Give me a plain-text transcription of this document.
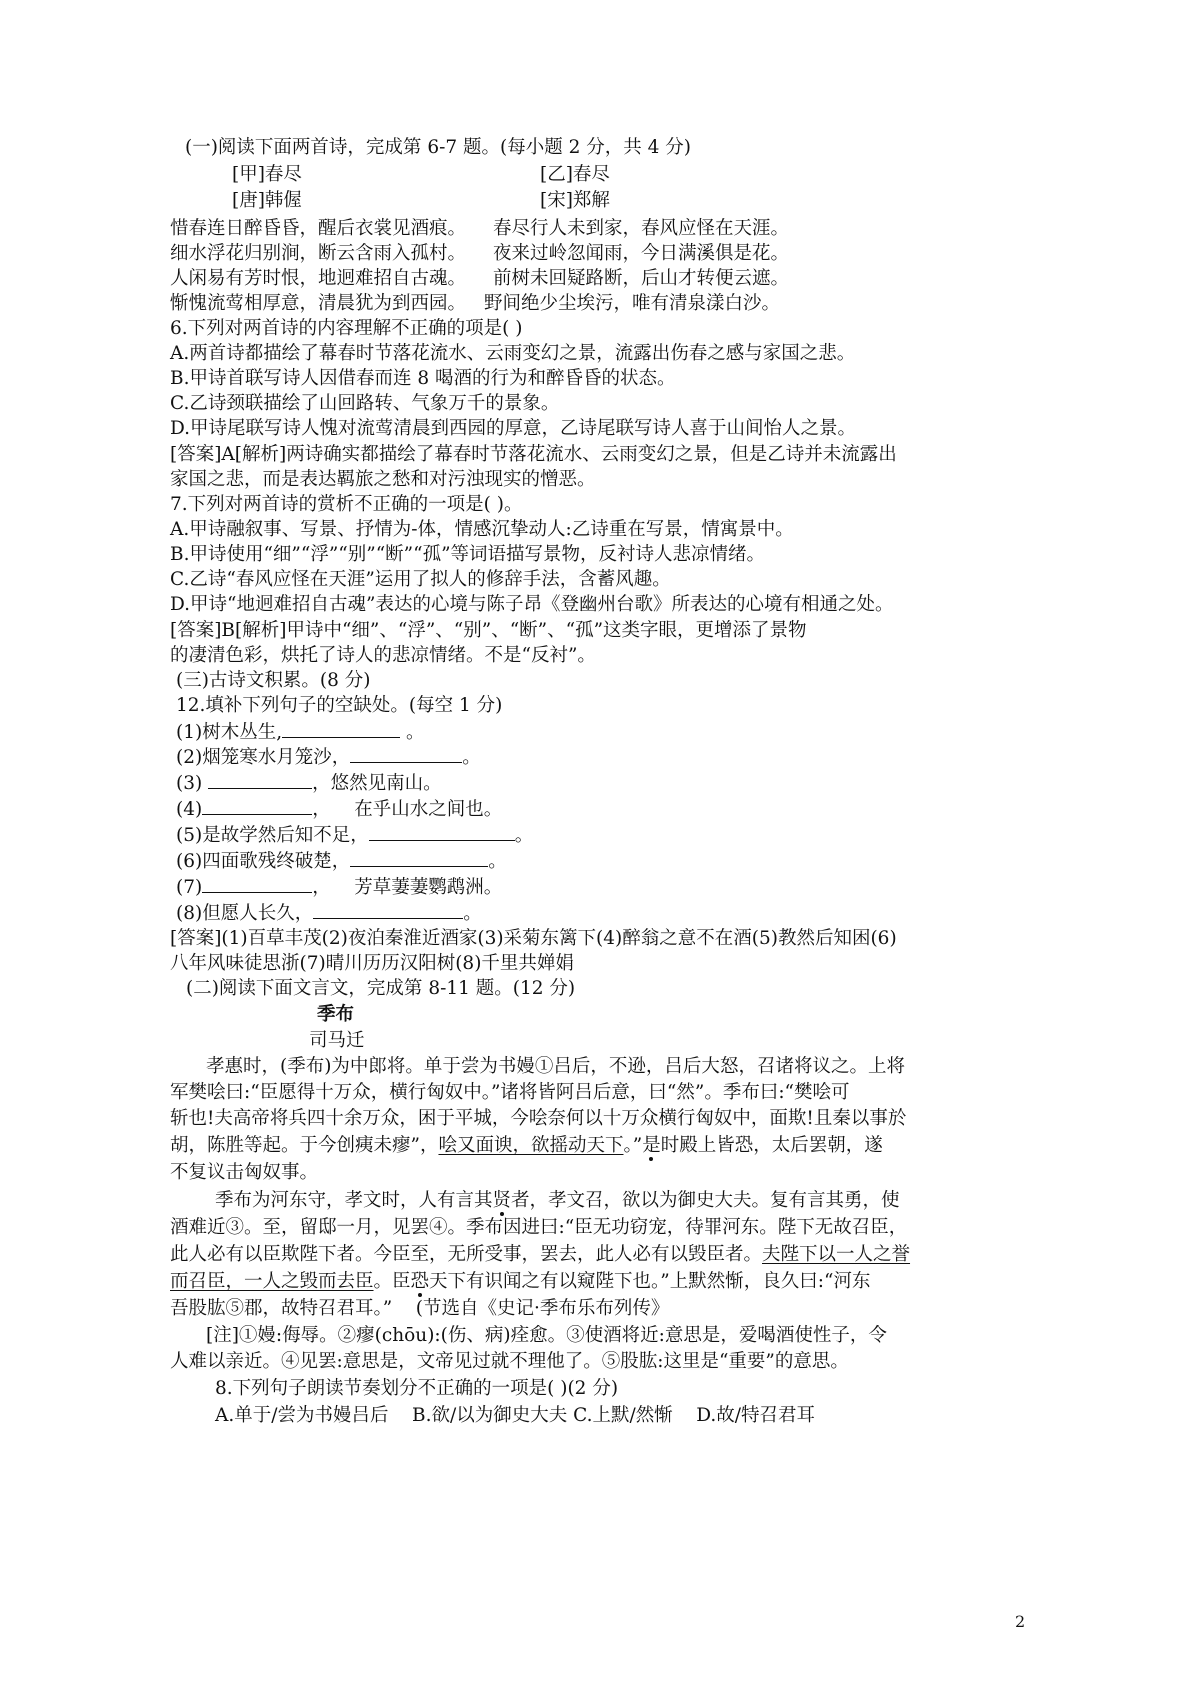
(一)阅读下面两首诗，完成第 6-7 题。(每小题 2 分，共 4 分)
[甲]春尽	[乙]春尽
[唐]韩偓	[宋]郑解
惜春连日醉昏昏，醒后衣裳见酒痕。 春尽行人未到家，春风应怪在天涯。
细水浮花归别涧，断云含雨入孤村。 夜来过岭忽闻雨，今日满溪俱是花。
人闲易有芳时恨，地迥难招自古魂。 前树未回疑路断，后山才转便云遮。
惭愧流莺相厚意，清晨犹为到西园。 野间绝少尘埃污，唯有清泉漾白沙。
6.下列对两首诗的内容理解不正确的项是( )
A.两首诗都描绘了幕春时节落花流水、云雨变幻之景，流露出伤春之感与家国之悲。
B.甲诗首联写诗人因借春而连 8 喝酒的行为和醉昏昏的状态。
C.乙诗颈联描绘了山回路转、气象万千的景象。
D.甲诗尾联写诗人愧对流莺清晨到西园的厚意，乙诗尾联写诗人喜于山间怡人之景。
[答案]A[解析]两诗确实都描绘了幕春时节落花流水、云雨变幻之景，但是乙诗并未流露出
家国之悲，而是表达羁旅之愁和对污浊现实的憎恶。
7.下列对两首诗的赏析不正确的一项是( )。
A.甲诗融叙事、写景、抒情为-体，情感沉挚动人:乙诗重在写景，情寓景中。
B.甲诗使用“细”“浮”“别”“断”“孤”等词语描写景物，反衬诗人悲凉情绪。
C.乙诗“春风应怪在天涯”运用了拟人的修辞手法，含蓄风趣。
D.甲诗“地迥难招自古魂”表达的心境与陈子昂《登幽州台歌》所表达的心境有相通之处。
[答案]B[解析]甲诗中“细”、“浮”、“别”、“断”、“孤”这类字眼，更增添了景物
的凄清色彩，烘托了诗人的悲凉情绪。不是“反衬”。
(三)古诗文积累。(8 分)
12.填补下列句子的空缺处。(每空 1 分)
(1)树木丛生,	。
(2)烟笼寒水月笼沙，	。
(3)	，悠然见南山。
(4)	，    在乎山水之间也。
(5)是故学然后知不足，	。
(6)四面歌残终破楚，	。
(7)	，    芳草萋萋鹦鹉洲。
(8)但愿人长久，	。
[答案](1)百草丰茂(2)夜泊秦淮近酒家(3)采菊东篱下(4)醉翁之意不在酒(5)教然后知困(6)
八年风味徒思浙(7)晴川历历汉阳树(8)千里共婵娟
(二)阅读下面文言文，完成第 8-11 题。(12 分)
季布
司马迁
孝惠时，(季布)为中郎将。单于尝为书嫚①吕后，不逊，吕后大怒，召诸将议之。上将
军樊哙曰:“臣愿得十万众，横行匈奴中。”诸将皆阿吕后意，曰“然”。季布曰:“樊哙可
斩也!夫高帝将兵四十余万众，困于平城，今哙奈何以十万众横行匈奴中，面欺!且秦以事於
胡，陈胜等起。于今创痍未瘳”，哙又面谀，欲摇动天下。”是时殿上皆恐，太后罢朝，遂
不复议击匈奴事。
季布为河东守，孝文时，人有言其贤者，孝文召，欲以为御史大夫。复有言其勇，使
酒难近③。至，留邸一月，见罢④。季布因进曰:“臣无功窃宠，待罪河东。陛下无故召臣，
此人必有以臣欺陛下者。今臣至，无所受事，罢去，此人必有以毁臣者。夫陛下以一人之誉
而召臣，一人之毁而去臣。臣恐天下有识闻之有以窥陛下也。”上默然惭，良久曰:“河东
吾股肱⑤郡，故特召君耳。”    (节选自《史记·季布乐布列传》
[注]①嫚:侮辱。②瘳(chōu):(伤、病)痊愈。③使酒将近:意思是，爱喝酒使性子，令
人难以亲近。④见罢:意思是，文帝见过就不理他了。⑤股肱:这里是“重要”的意思。
8.下列句子朗读节奏划分不正确的一项是( )(2 分)
A.单于/尝为书嫚吕后    B.欲/以为御史大夫 C.上默/然惭    D.故/特召君耳
2
